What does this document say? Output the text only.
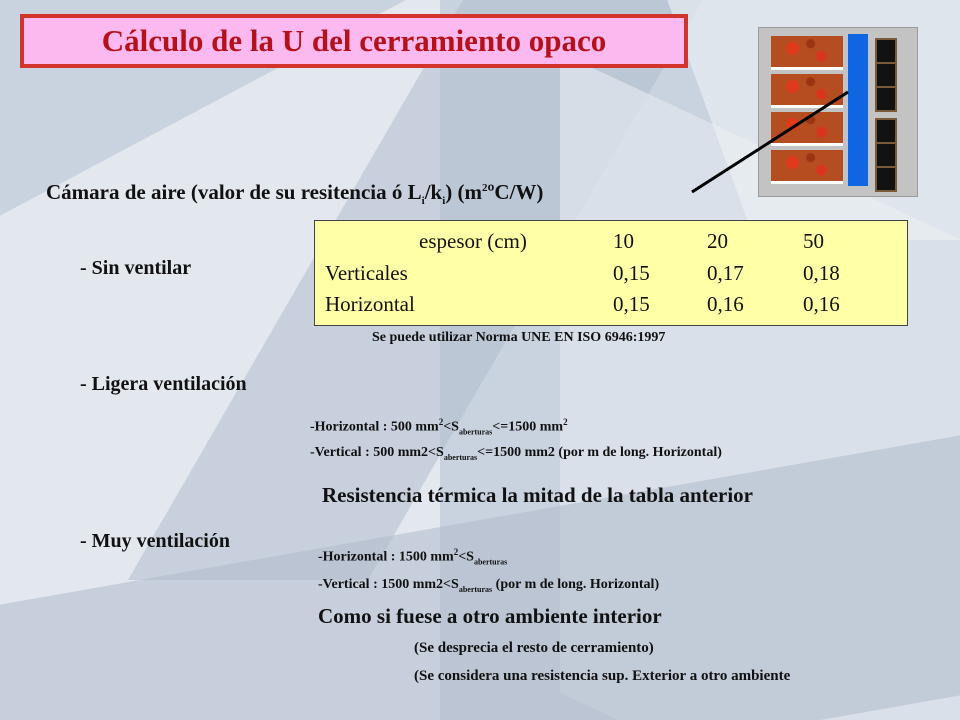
Cálculo de la U del cerramiento opaco
Cámara de aire (valor de su resitencia ó $L_i/k_i$) $(m^2ºC/W)$
espesor (cm)	10	20	50
Verticales	0,15	0,17	0,18
Horizontal	0,15	0,16	0,16
- Sin ventilar
Se puede utilizar Norma UNE EN ISO 6946:1997
- Ligera ventilación
-Horizontal : 500 $mm^2<S_{aberturas}<=1500$ $mm^2$
-Vertical : 500 $mm2<S_{aberturas}<=1500$ mm2 (por m de long. Horizontal)
Resistencia térmica la mitad de la tabla anterior
- Muy ventilación
-Horizontal : 1500 $mm^2<S_{aberturas}$
-Vertical : 1500 $mm2<S_{aberturas}$ (por m de long. Horizontal)
Como si fuese a otro ambiente interior
(Se desprecia el resto de cerramiento)
(Se considera una resistencia sup. Exterior a otro ambiente
